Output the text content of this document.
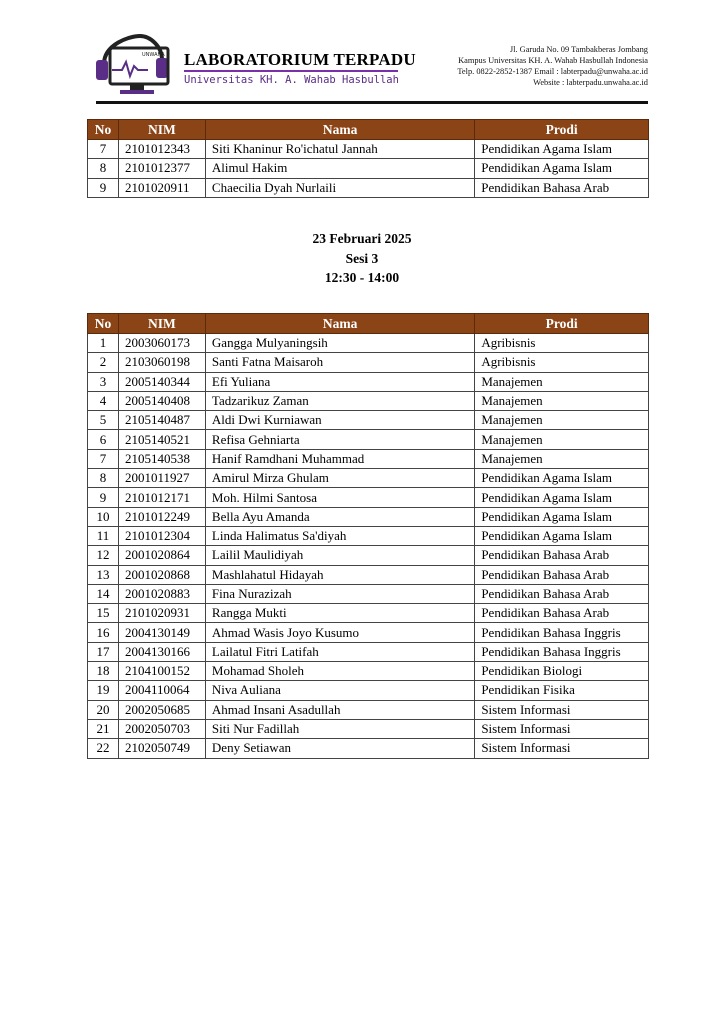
UNWAHA LABORATORIUM TERPADU
Universitas KH. A. Wahab Hasbullah
Jl. Garuda No. 09 Tambakberas Jombang
Kampus Universitas KH. A. Wahab Hasbullah Indonesia
Telp. 0822-2852-1387 Email : labterpadu@unwaha.ac.id
Website : labterpadu.unwaha.ac.id
No	NIM	Nama	Prodi
7	2101012343	Siti Khaninur Ro'ichatul Jannah	Pendidikan Agama Islam
8	2101012377	Alimul Hakim	Pendidikan Agama Islam
9	2101020911	Chaecilia Dyah Nurlaili	Pendidikan Bahasa Arab
23 Februari 2025
Sesi 3
12:30 - 14:00
No	NIM	Nama	Prodi
1	2003060173	Gangga Mulyaningsih	Agribisnis
2	2103060198	Santi Fatna Maisaroh	Agribisnis
3	2005140344	Efi Yuliana	Manajemen
4	2005140408	Tadzarikuz Zaman	Manajemen
5	2105140487	Aldi Dwi Kurniawan	Manajemen
6	2105140521	Refisa Gehniarta	Manajemen
7	2105140538	Hanif Ramdhani Muhammad	Manajemen
8	2001011927	Amirul Mirza Ghulam	Pendidikan Agama Islam
9	2101012171	Moh. Hilmi Santosa	Pendidikan Agama Islam
10	2101012249	Bella Ayu Amanda	Pendidikan Agama Islam
11	2101012304	Linda Halimatus Sa'diyah	Pendidikan Agama Islam
12	2001020864	Lailil Maulidiyah	Pendidikan Bahasa Arab
13	2001020868	Mashlahatul Hidayah	Pendidikan Bahasa Arab
14	2001020883	Fina Nurazizah	Pendidikan Bahasa Arab
15	2101020931	Rangga Mukti	Pendidikan Bahasa Arab
16	2004130149	Ahmad Wasis Joyo Kusumo	Pendidikan Bahasa Inggris
17	2004130166	Lailatul Fitri Latifah	Pendidikan Bahasa Inggris
18	2104100152	Mohamad Sholeh	Pendidikan Biologi
19	2004110064	Niva Auliana	Pendidikan Fisika
20	2002050685	Ahmad Insani Asadullah	Sistem Informasi
21	2002050703	Siti Nur Fadillah	Sistem Informasi
22	2102050749	Deny Setiawan	Sistem Informasi
